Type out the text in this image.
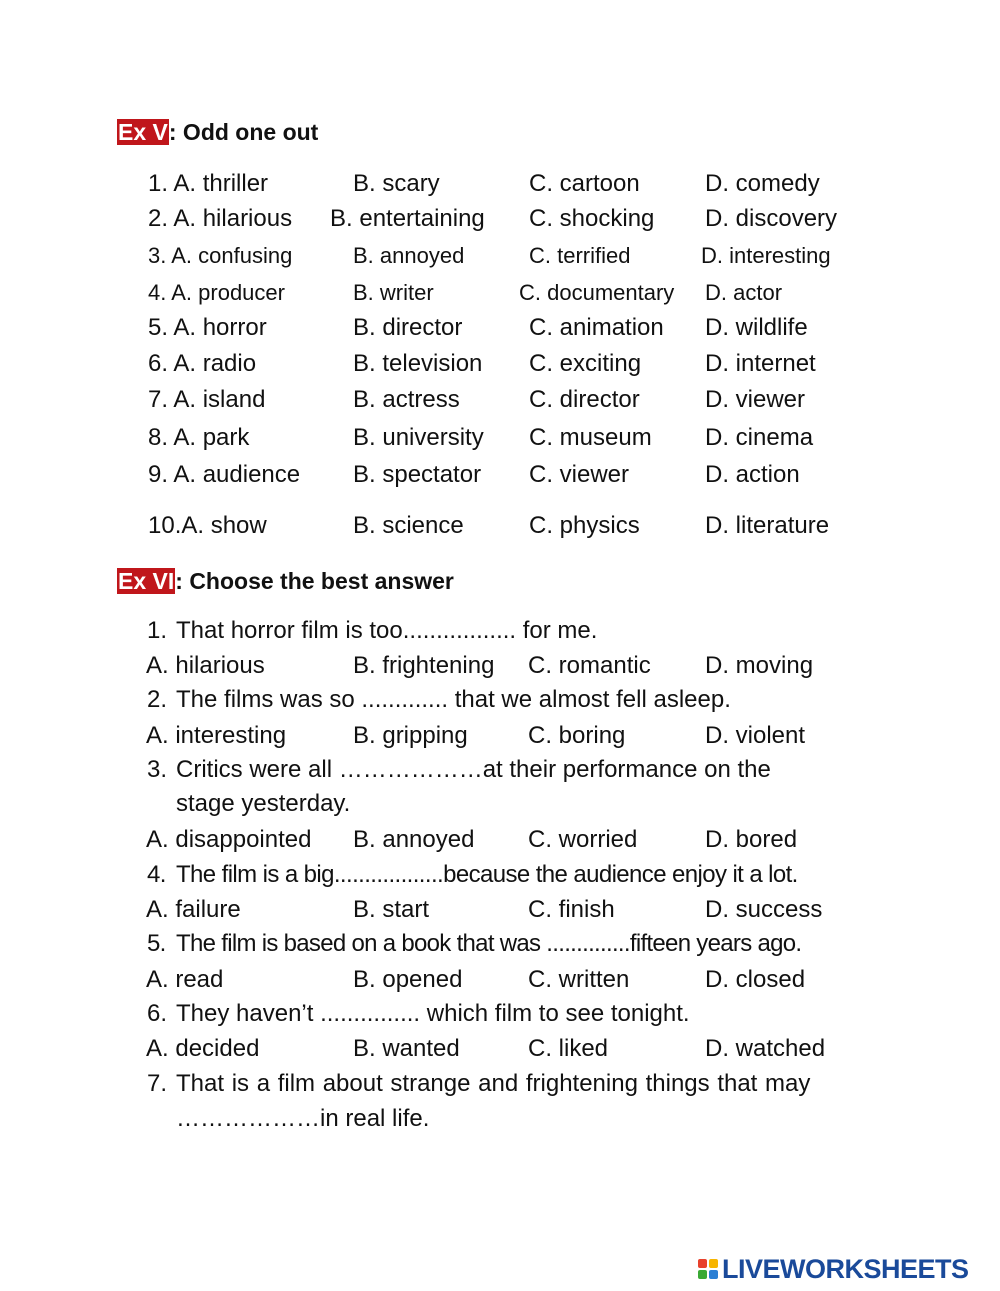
Ex V: Odd one out
1. A. thriller	B. scary	C. cartoon	D. comedy
2. A. hilarious B. entertaining C. shocking D. discovery
3. A. confusing	B. annoyed	C. terrified	D. interesting
4. A. producer	B. writer	C. documentary D. actor
5. A. horror	B. director	C. animation D. wildlife
6. A. radio	B. television C. exciting	D. internet
7. A. island	B. actress	C. director	D. viewer
8. A. park	B. university C. museum D. cinema
9. A. audience B. spectator C. viewer	D. action
10.A. show	B. science	C. physics	D. literature
Ex VI: Choose the best answer
1. That horror film is too................. for me.
A. hilarious	B. frightening C. romantic D. moving
2. The films was so ............. that we almost fell asleep.
A. interesting	B. gripping	C. boring	D. violent
3. Critics were all ………………at their performance on the
stage yesterday.
A. disappointed B. annoyed C. worried	D. bored
4. The film is a big..................because the audience enjoy it a lot.
A. failure	B. start	C. finish	D. success
5. The film is based on a book that was ..............fifteen years ago.
A. read	B. opened	C. written	D. closed
6. They haven’t ............... which film to see tonight.
A. decided	B. wanted	C. liked	D. watched
7. That is a film about strange and frightening things that may
………………in real life.
LIVEWORKSHEETS
